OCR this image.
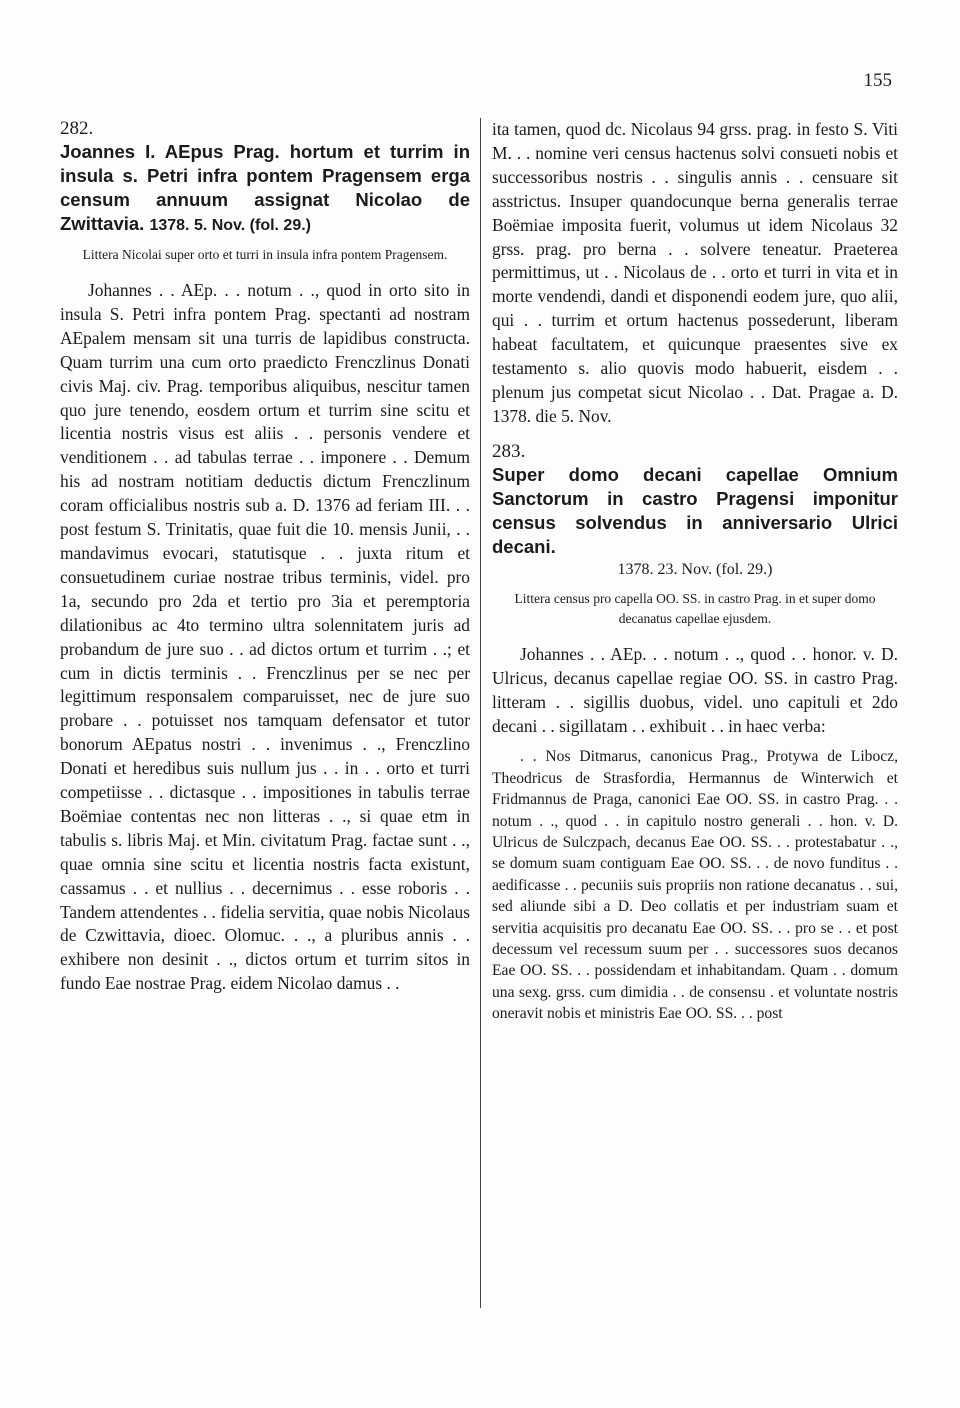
155

282.

Joannes I. AEpus Prag. hortum et turrim in insula s. Petri infra pontem Pragensem erga censum annuum assignat Nicolao de Zwittavia. 1378. 5. Nov. (fol. 29.)

Littera Nicolai super orto et turri in insula infra pontem Pragensem.

Johannes . . AEp. . . notum . ., quod in orto sito in insula S. Petri infra pontem Prag. spectanti ad nostram AEpalem mensam sit una turris de lapidibus constructa. Quam turrim una cum orto praedicto Frenczlinus Donati civis Maj. civ. Prag. temporibus aliquibus, nescitur tamen quo jure tenendo, eosdem ortum et turrim sine scitu et licentia nostris visus est aliis . . personis vendere et venditionem . . ad tabulas terrae . . imponere . . Demum his ad nostram notitiam deductis dictum Frenczlinum coram officialibus nostris sub a. D. 1376 ad feriam III. . . post festum S. Trinitatis, quae fuit die 10. mensis Junii, . . mandavimus evocari, statutisque . . juxta ritum et consuetudinem curiae nostrae tribus terminis, videl. pro 1a, secundo pro 2da et tertio pro 3ia et peremptoria dilationibus ac 4to termino ultra solennitatem juris ad probandum de jure suo . . ad dictos ortum et turrim . .; et cum in dictis terminis . . Frenczlinus per se nec per legittimum responsalem comparuisset, nec de jure suo probare . . potuisset nos tamquam defensator et tutor bonorum AEpatus nostri . . invenimus . ., Frenczlino Donati et heredibus suis nullum jus . . in . . orto et turri competiisse . . dictasque . . impositiones in tabulis terrae Boëmiae contentas nec non litteras . ., si quae etm in tabulis s. libris Maj. et Min. civitatum Prag. factae sunt . ., quae omnia sine scitu et licentia nostris facta existunt, cassamus . . et nullius . . decernimus . . esse roboris . . Tandem attendentes . . fidelia servitia, quae nobis Nicolaus de Czwittavia, dioec. Olomuc. . ., a pluribus annis . . exhibere non desinit . ., dictos ortum et turrim sitos in fundo Eae nostrae Prag. eidem Nicolao damus . .

ita tamen, quod dc. Nicolaus 94 grss. prag. in festo S. Viti M. . . nomine veri census hactenus solvi consueti nobis et successoribus nostris . . singulis annis . . censuare sit asstrictus. Insuper quandocunque berna generalis terrae Boëmiae imposita fuerit, volumus ut idem Nicolaus 32 grss. prag. pro berna . . solvere teneatur. Praeterea permittimus, ut . . Nicolaus de . . orto et turri in vita et in morte vendendi, dandi et disponendi eodem jure, quo alii, qui . . turrim et ortum hactenus possederunt, liberam habeat facultatem, et quicunque praesentes sive ex testamento s. alio quovis modo habuerit, eisdem . . plenum jus competat sicut Nicolao . . Dat. Pragae a. D. 1378. die 5. Nov.

283.

Super domo decani capellae Omnium Sanctorum in castro Pragensi imponitur census solvendus in anniversario Ulrici decani.

1378. 23. Nov. (fol. 29.)

Littera census pro capella OO. SS. in castro Prag. in et super domo decanatus capellae ejusdem.

Johannes . . AEp. . . notum . ., quod . . honor. v. D. Ulricus, decanus capellae regiae OO. SS. in castro Prag. litteram . . sigillis duobus, videl. uno capituli et 2do decani . . sigillatam . . exhibuit . . in haec verba:

. . Nos Ditmarus, canonicus Prag., Protywa de Libocz, Theodricus de Strasfordia, Hermannus de Winterwich et Fridmannus de Praga, canonici Eae OO. SS. in castro Prag. . . notum . ., quod . . in capitulo nostro generali . . hon. v. D. Ulricus de Sulczpach, decanus Eae OO. SS. . . protestabatur . ., se domum suam contiguam Eae OO. SS. . . de novo funditus . . aedificasse . . pecuniis suis propriis non ratione decanatus . . sui, sed aliunde sibi a D. Deo collatis et per industriam suam et servitia acquisitis pro decanatu Eae OO. SS. . . pro se . . et post decessum vel recessum suum per . . successores suos decanos Eae OO. SS. . . possidendam et inhabitandam. Quam . . domum una sexg. grss. cum dimidia . . de consensu . et voluntate nostris oneravit nobis et ministris Eae OO. SS. . . post
